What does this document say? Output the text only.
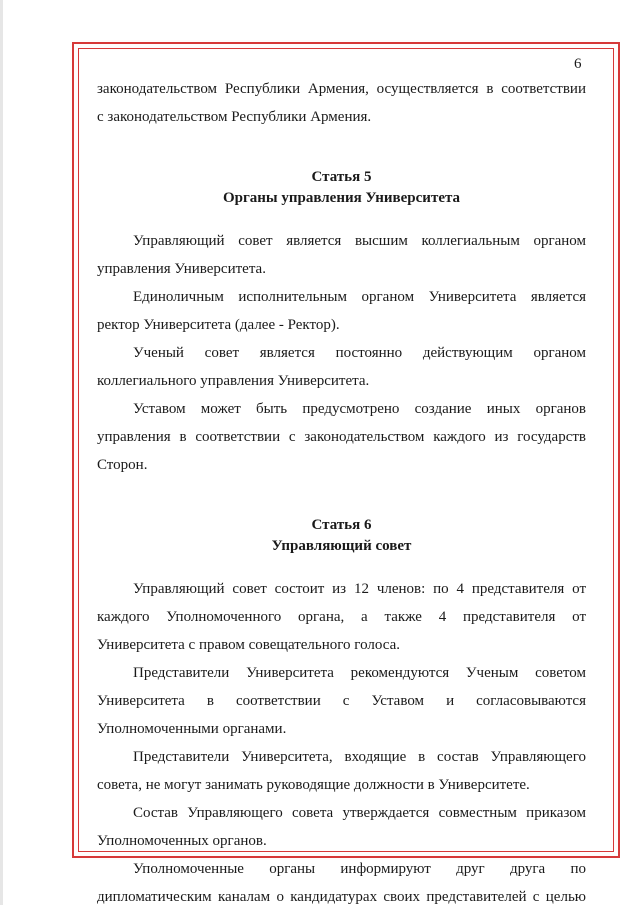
6

законодательством Республики Армения, осуществляется в соответствии

с законодательством Республики Армения.

Статья 5
Органы управления Университета

Управляющий совет является высшим коллегиальным органом управления Университета.

Единоличным исполнительным органом Университета является ректор Университета (далее - Ректор).

Ученый совет является постоянно действующим органом коллегиального управления Университета.

Уставом может быть предусмотрено создание иных органов управления в соответствии с законодательством каждого из государств Сторон.

Статья 6
Управляющий совет

Управляющий совет состоит из 12 членов: по 4 представителя от каждого Уполномоченного органа, а также 4 представителя от Университета с правом совещательного голоса.

Представители Университета рекомендуются Ученым советом Университета в соответствии с Уставом и согласовываются Уполномоченными органами.

Представители Университета, входящие в состав Управляющего совета, не могут занимать руководящие должности в Университете.

Состав Управляющего совета утверждается совместным приказом Уполномоченных органов.

Уполномоченные органы информируют друг друга по дипломатическим каналам о кандидатурах своих представителей с целью
